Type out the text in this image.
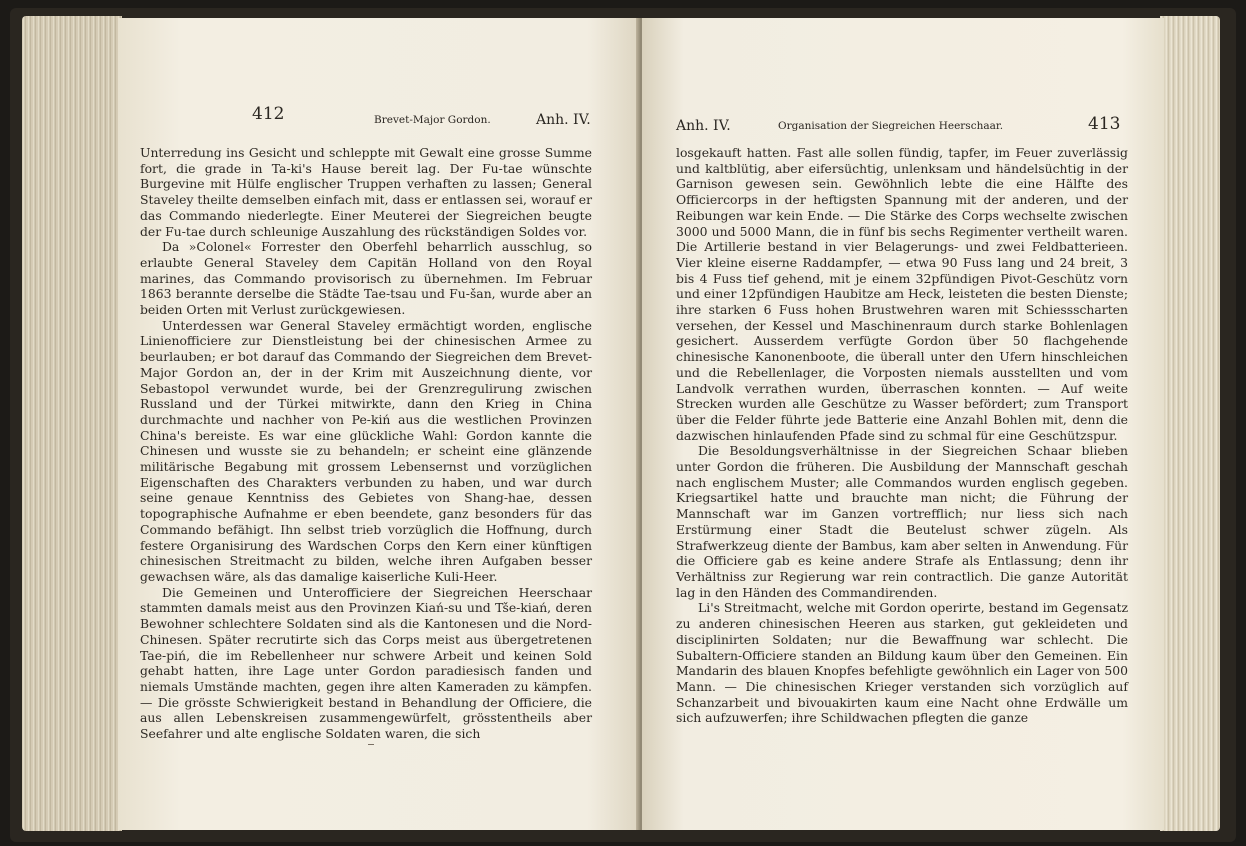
412	Brevet-Major Gordon.	Anh. IV.

Unterredung ins Gesicht und schleppte mit Gewalt eine grosse Summe fort, die grade in Ta-ki's Hause bereit lag. Der Fu-tae wünschte Burgevine mit Hülfe englischer Truppen verhaften zu lassen; General Staveley theilte demselben einfach mit, dass er entlassen sei, worauf er das Commando niederlegte. Einer Meuterei der Siegreichen beugte der Fu-tae durch schleunige Auszahlung des rückständigen Soldes vor.

Da »Colonel« Forrester den Oberfehl beharrlich ausschlug, so erlaubte General Staveley dem Capitän Holland von den Royal marines, das Commando provisorisch zu übernehmen. Im Februar 1863 berannte derselbe die Städte Tae-tsau und Fu-šan, wurde aber an beiden Orten mit Verlust zurückgewiesen.

Unterdessen war General Staveley ermächtigt worden, englische Linienofficiere zur Dienstleistung bei der chinesischen Armee zu beurlauben; er bot darauf das Commando der Siegreichen dem Brevet-Major Gordon an, der in der Krim mit Auszeichnung diente, vor Sebastopol verwundet wurde, bei der Grenzregulirung zwischen Russland und der Türkei mitwirkte, dann den Krieg in China durchmachte und nachher von Pe-kiń aus die westlichen Provinzen China's bereiste. Es war eine glückliche Wahl: Gordon kannte die Chinesen und wusste sie zu behandeln; er scheint eine glänzende militärische Begabung mit grossem Lebensernst und vorzüglichen Eigenschaften des Charakters verbunden zu haben, und war durch seine genaue Kenntniss des Gebietes von Shang-hae, dessen topographische Aufnahme er eben beendete, ganz besonders für das Commando befähigt. Ihn selbst trieb vorzüglich die Hoffnung, durch festere Organisirung des Wardschen Corps den Kern einer künftigen chinesischen Streitmacht zu bilden, welche ihren Aufgaben besser gewachsen wäre, als das damalige kaiserliche Kuli-Heer.

Die Gemeinen und Unterofficiere der Siegreichen Heerschaar stammten damals meist aus den Provinzen Kiań-su und Tše-kiań, deren Bewohner schlechtere Soldaten sind als die Kantonesen und die Nord-Chinesen. Später recrutirte sich das Corps meist aus übergetretenen Tae-piń, die im Rebellenheer nur schwere Arbeit und keinen Sold gehabt hatten, ihre Lage unter Gordon paradiesisch fanden und niemals Umstände machten, gegen ihre alten Kameraden zu kämpfen. — Die grösste Schwierigkeit bestand in Behandlung der Officiere, die aus allen Lebenskreisen zusammengewürfelt, grösstentheils aber Seefahrer und alte englische Soldaten waren, die sich

Anh. IV.	Organisation der Siegreichen Heerschaar.	413

losgekauft hatten. Fast alle sollen fündig, tapfer, im Feuer zuverlässig und kaltblütig, aber eifersüchtig, unlenksam und händelsüchtig in der Garnison gewesen sein. Gewöhnlich lebte die eine Hälfte des Officiercorps in der heftigsten Spannung mit der anderen, und der Reibungen war kein Ende. — Die Stärke des Corps wechselte zwischen 3000 und 5000 Mann, die in fünf bis sechs Regimenter vertheilt waren. Die Artillerie bestand in vier Belagerungs- und zwei Feldbatterieen. Vier kleine eiserne Raddampfer, — etwa 90 Fuss lang und 24 breit, 3 bis 4 Fuss tief gehend, mit je einem 32pfündigen Pivot-Geschütz vorn und einer 12pfündigen Haubitze am Heck, leisteten die besten Dienste; ihre starken 6 Fuss hohen Brustwehren waren mit Schiessscharten versehen, der Kessel und Maschinenraum durch starke Bohlenlagen gesichert. Ausserdem verfügte Gordon über 50 flachgehende chinesische Kanonenboote, die überall unter den Ufern hinschleichen und die Rebellenlager, die Vorposten niemals ausstellten und vom Landvolk verrathen wurden, überraschen konnten. — Auf weite Strecken wurden alle Geschütze zu Wasser befördert; zum Transport über die Felder führte jede Batterie eine Anzahl Bohlen mit, denn die dazwischen hinlaufenden Pfade sind zu schmal für eine Geschützspur.

Die Besoldungsverhältnisse in der Siegreichen Schaar blieben unter Gordon die früheren. Die Ausbildung der Mannschaft geschah nach englischem Muster; alle Commandos wurden englisch gegeben. Kriegsartikel hatte und brauchte man nicht; die Führung der Mannschaft war im Ganzen vortrefflich; nur liess sich nach Erstürmung einer Stadt die Beutelust schwer zügeln. Als Strafwerkzeug diente der Bambus, kam aber selten in Anwendung. Für die Officiere gab es keine andere Strafe als Entlassung; denn ihr Verhältniss zur Regierung war rein contractlich. Die ganze Autorität lag in den Händen des Commandirenden.

Li's Streitmacht, welche mit Gordon operirte, bestand im Gegensatz zu anderen chinesischen Heeren aus starken, gut gekleideten und disciplinirten Soldaten; nur die Bewaffnung war schlecht. Die Subaltern-Officiere standen an Bildung kaum über den Gemeinen. Ein Mandarin des blauen Knopfes befehligte gewöhnlich ein Lager von 500 Mann. — Die chinesischen Krieger verstanden sich vorzüglich auf Schanzarbeit und bivouakirten kaum eine Nacht ohne Erdwälle um sich aufzuwerfen; ihre Schildwachen pflegten die ganze
